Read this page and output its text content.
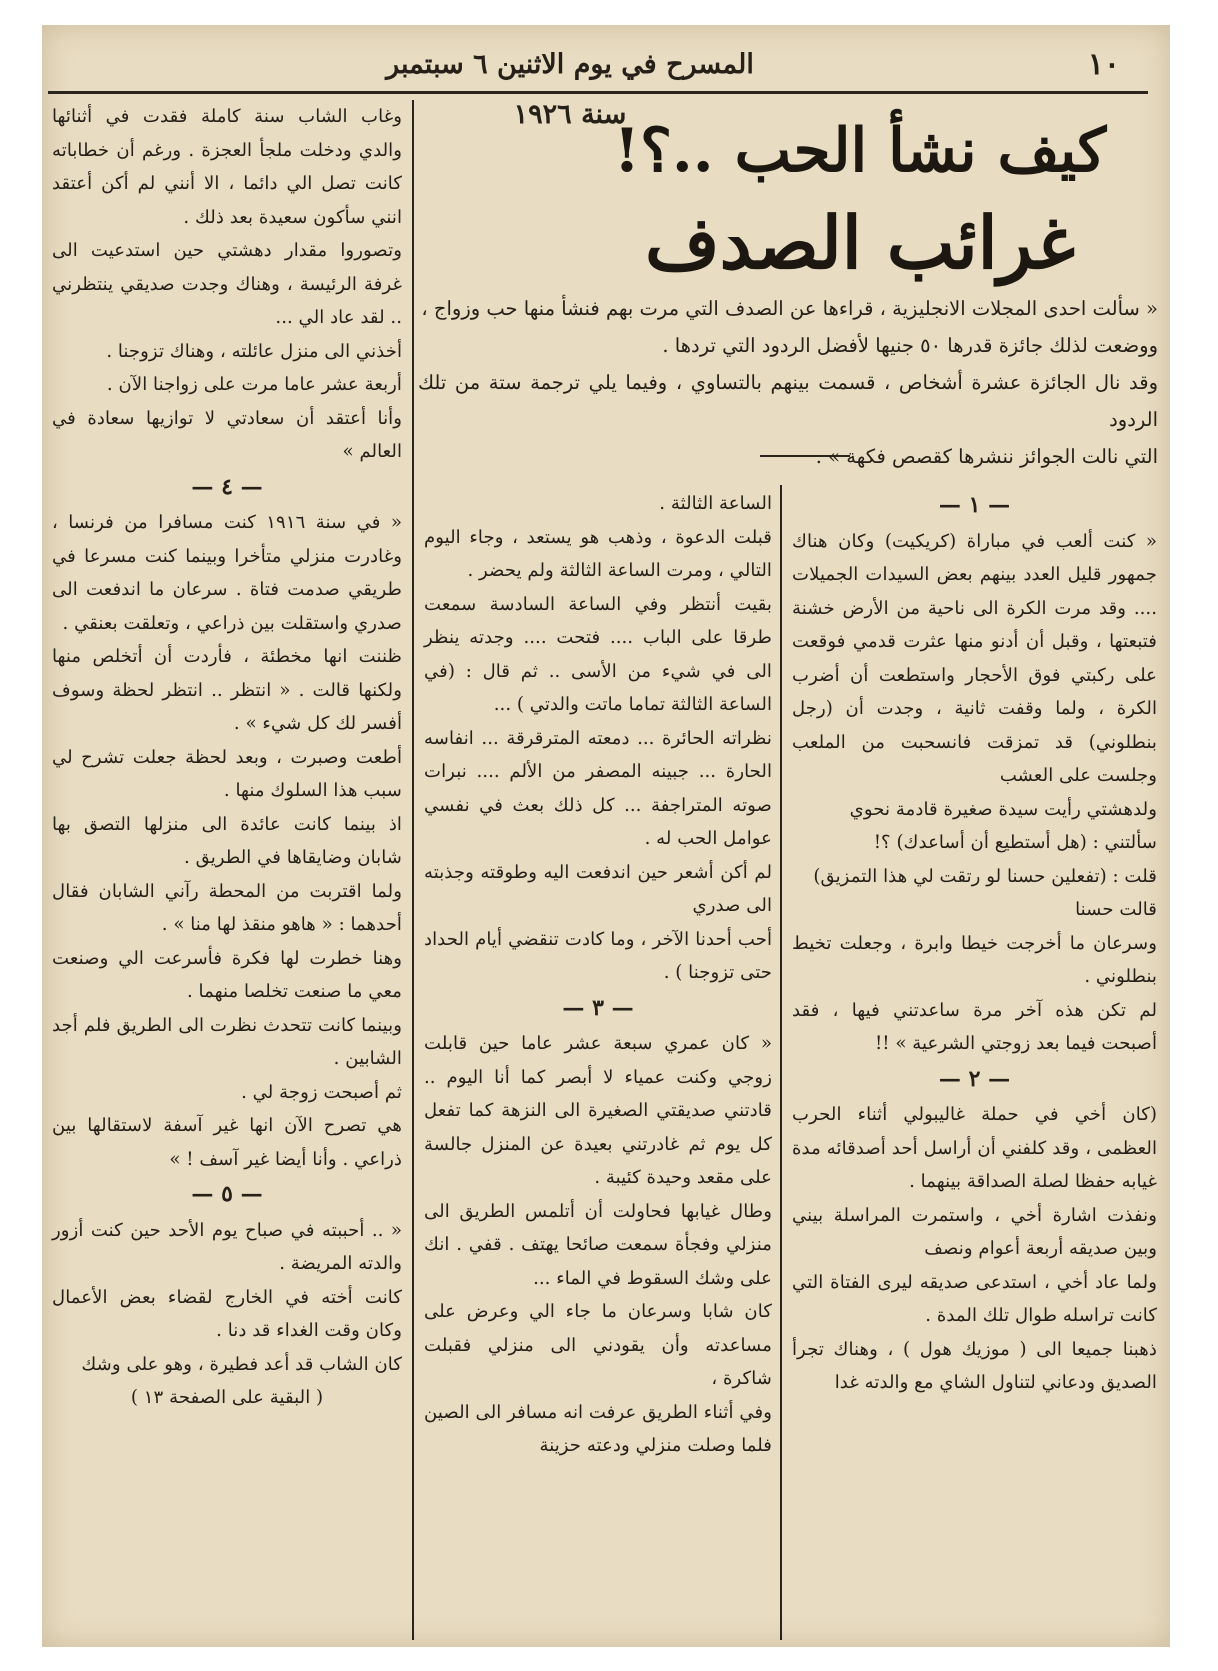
١٠
المسرح في يوم الاثنين ٦ سبتمبر سنة ١٩٢٦
كيف نشأ الحب ..؟!
غرائب الصدف

« سألت احدى المجلات الانجليزية ، قراءها عن الصدف التي مرت بهم فنشأ منها حب وزواج ،

ووضعت لذلك جائزة قدرها ٥٠ جنيها لأفضل الردود التي تردها .

وقد نال الجائزة عشرة أشخاص ، قسمت بينهم بالتساوي ، وفيما يلي ترجمة ستة من تلك الردود

التي نالت الجوائز ننشرها كقصص فكهة » .

— ١ —

« كنت ألعب في مباراة (كريكيت) وكان هناك جمهور قليل العدد بينهم بعض السيدات الجميلات .... وقد مرت الكرة الى ناحية من الأرض خشنة فتبعتها ، وقبل أن أدنو منها عثرت قدمي فوقعت على ركبتي فوق الأحجار واستطعت أن أضرب الكرة ، ولما وقفت ثانية ، وجدت أن (رجل بنطلوني) قد تمزقت فانسحبت من الملعب وجلست على العشب

ولدهشتي رأيت سيدة صغيرة قادمة نحوي

سألتني : (هل أستطيع أن أساعدك) ؟!

قلت : (تفعلين حسنا لو رتقت لي هذا التمزيق)

قالت حسنا

وسرعان ما أخرجت خيطا وابرة ، وجعلت تخيط بنطلوني .

لم تكن هذه آخر مرة ساعدتني فيها ، فقد أصبحت فيما بعد زوجتي الشرعية » !!

— ٢ —

(كان أخي في حملة غاليبولي أثناء الحرب العظمى ، وقد كلفني أن أراسل أحد أصدقائه مدة غيابه حفظا لصلة الصداقة بينهما .

ونفذت اشارة أخي ، واستمرت المراسلة بيني وبين صديقه أربعة أعوام ونصف

ولما عاد أخي ، استدعى صديقه ليرى الفتاة التي كانت تراسله طوال تلك المدة .

ذهبنا جميعا الى ( موزيك هول ) ، وهناك تجرأ الصديق ودعاني لتناول الشاي مع والدته غدا

الساعة الثالثة .

قبلت الدعوة ، وذهب هو يستعد ، وجاء اليوم التالي ، ومرت الساعة الثالثة ولم يحضر .

بقيت أنتظر وفي الساعة السادسة سمعت طرقا على الباب .... فتحت .... وجدته ينظر الى في شيء من الأسى .. ثم قال : (في الساعة الثالثة تماما ماتت والدتي ) ...

نظراته الحائرة ... دمعته المترقرقة ... انفاسه الحارة ... جبينه المصفر من الألم .... نبرات صوته المتراجفة ... كل ذلك بعث في نفسي عوامل الحب له .

لم أكن أشعر حين اندفعت اليه وطوقته وجذبته الى صدري

أحب أحدنا الآخر ، وما كادت تنقضي أيام الحداد حتى تزوجنا ) .

— ٣ —

« كان عمري سبعة عشر عاما حين قابلت زوجي وكنت عمياء لا أبصر كما أنا اليوم .. قادتني صديقتي الصغيرة الى النزهة كما تفعل كل يوم ثم غادرتني بعيدة عن المنزل جالسة على مقعد وحيدة كئيبة .

وطال غيابها فحاولت أن أتلمس الطريق الى منزلي وفجأة سمعت صائحا يهتف . قفي . انك على وشك السقوط في الماء ...

كان شابا وسرعان ما جاء الي وعرض على مساعدته وأن يقودني الى منزلي فقبلت شاكرة ،

وفي أثناء الطريق عرفت انه مسافر الى الصين فلما وصلت منزلي ودعته حزينة

وغاب الشاب سنة كاملة فقدت في أثنائها والدي ودخلت ملجأ العجزة . ورغم أن خطاباته كانت تصل الي دائما ، الا أنني لم أكن أعتقد انني سأكون سعيدة بعد ذلك .

وتصوروا مقدار دهشتي حين استدعيت الى غرفة الرئيسة ، وهناك وجدت صديقي ينتظرني .. لقد عاد الي ...

أخذني الى منزل عائلته ، وهناك تزوجنا .

أربعة عشر عاما مرت على زواجنا الآن .

وأنا أعتقد أن سعادتي لا توازيها سعادة في العالم »

— ٤ —

« في سنة ١٩١٦ كنت مسافرا من فرنسا ، وغادرت منزلي متأخرا وبينما كنت مسرعا في طريقي صدمت فتاة . سرعان ما اندفعت الى صدري واستقلت بين ذراعي ، وتعلقت بعنقي .

ظننت انها مخطئة ، فأردت أن أتخلص منها ولكنها قالت . « انتظر .. انتظر لحظة وسوف أفسر لك كل شيء » .

أطعت وصبرت ، وبعد لحظة جعلت تشرح لي سبب هذا السلوك منها .

اذ بينما كانت عائدة الى منزلها التصق بها شابان وضايقاها في الطريق .

ولما اقتربت من المحطة رآني الشابان فقال أحدهما : « هاهو منقذ لها منا » .

وهنا خطرت لها فكرة فأسرعت الي وصنعت معي ما صنعت تخلصا منهما .

وبينما كانت تتحدث نظرت الى الطريق فلم أجد الشابين .

ثم أصبحت زوجة لي .

هي تصرح الآن انها غير آسفة لاستقالها بين ذراعي . وأنا أيضا غير آسف ! »

— ٥ —

« .. أحببته في صباح يوم الأحد حين كنت أزور والدته المريضة .

كانت أخته في الخارج لقضاء بعض الأعمال وكان وقت الغداء قد دنا .

كان الشاب قد أعد فطيرة ، وهو على وشك

( البقية على الصفحة ١٣ )
